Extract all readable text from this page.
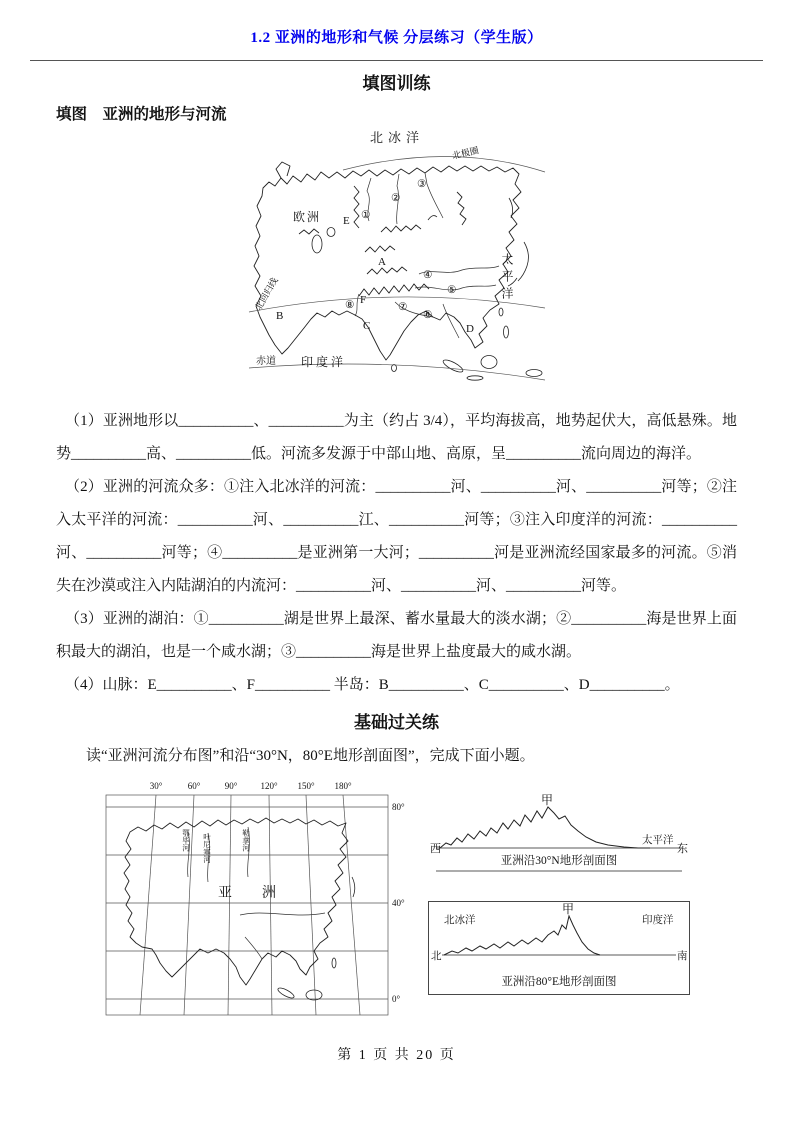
1.2 亚洲的地形和气候 分层练习（学生版）
填图训练
填图　亚洲的地形与河流
北冰洋
北极圈
①
②
③
④
⑤
⑥
⑦
⑧
A
B
C	D
E
F
欧洲
太平洋
北回归线
赤道 印度洋

（1）亚洲地形以__________、__________为主（约占 3/4），平均海拔高，地势起伏大，高低悬殊。地势__________高、__________低。河流多发源于中部山地、高原，呈__________流向周边的海洋。

（2）亚洲的河流众多：①注入北冰洋的河流：__________河、__________河、__________河等；②注入太平洋的河流：__________河、__________江、__________河等；③注入印度洋的河流：__________河、__________河等；④__________是亚洲第一大河；__________河是亚洲流经国家最多的河流。⑤消失在沙漠或注入内陆湖泊的内流河：__________河、__________河、__________河等。

（3）亚洲的湖泊：①__________湖是世界上最深、蓄水量最大的淡水湖；②__________海是世界上面积最大的湖泊，也是一个咸水湖；③__________海是世界上盐度最大的咸水湖。

（4）山脉：E__________、F__________ 半岛：B__________、C__________、D__________。

基础过关练

读“亚洲河流分布图”和沿“30°N，80°E地形剖面图”，完成下面小题。

30°	60°	90°	120° 150° 180°
80°
40°
0°
鄂毕河 叶尼塞河	勒拿河
亚　洲
甲
西	东
太平洋
亚洲沿30°N地形剖面图
北冰洋
甲
印度洋
北	南
亚洲沿80°E地形剖面图
第 1 页 共 20 页
